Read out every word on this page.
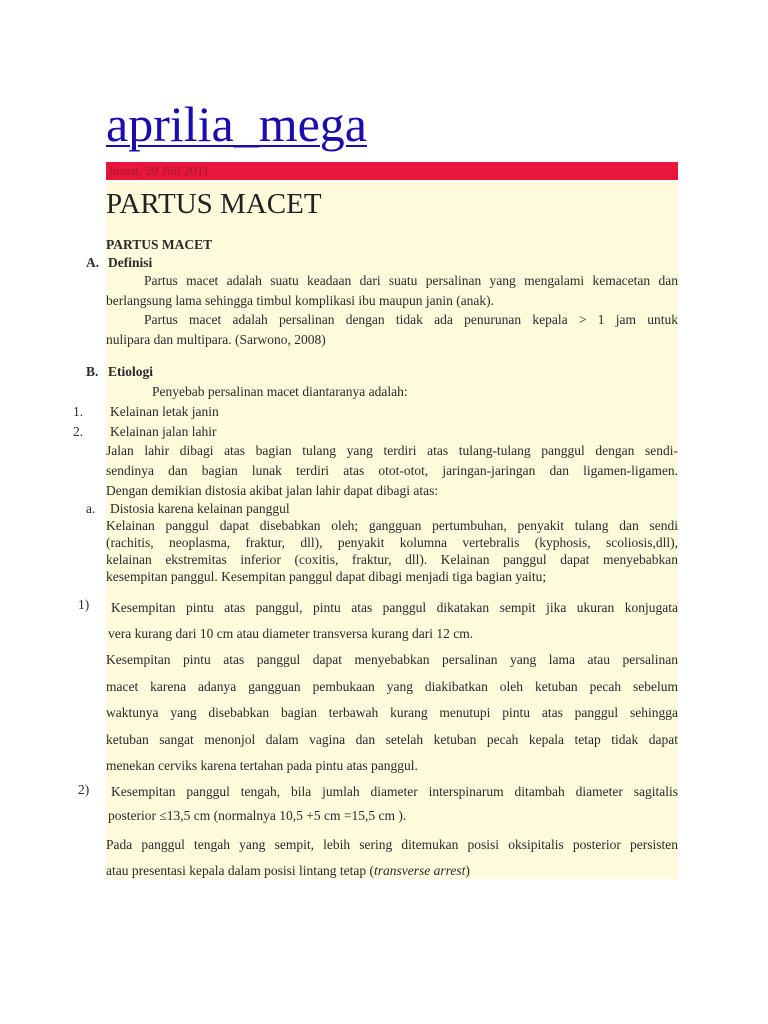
aprilia_mega
Jumat, 29 Juli 2011
PARTUS MACET
PARTUS MACET
A. Definisi
Partus macet adalah suatu keadaan dari suatu persalinan yang mengalami kemacetan dan
berlangsung lama sehingga timbul komplikasi ibu maupun janin (anak).
Partus macet adalah persalinan dengan tidak ada penurunan kepala > 1 jam untuk
nulipara dan multipara. (Sarwono, 2008)
B. Etiologi
Penyebab persalinan macet diantaranya adalah:
1. Kelainan letak janin
2. Kelainan jalan lahir
Jalan lahir dibagi atas bagian tulang yang terdiri atas tulang-tulang panggul dengan sendi-
sendinya dan bagian lunak terdiri atas otot-otot, jaringan-jaringan dan ligamen-ligamen.
Dengan demikian distosia akibat jalan lahir dapat dibagi atas:
a. Distosia karena kelainan panggul
Kelainan panggul dapat disebabkan oleh; gangguan pertumbuhan, penyakit tulang dan sendi
(rachitis, neoplasma, fraktur, dll), penyakit kolumna vertebralis (kyphosis, scoliosis,dll),
kelainan ekstremitas inferior (coxitis, fraktur, dll). Kelainan panggul dapat menyebabkan
kesempitan panggul. Kesempitan panggul dapat dibagi menjadi tiga bagian yaitu;
1) Kesempitan pintu atas panggul, pintu atas panggul dikatakan sempit jika ukuran konjugata
vera kurang dari 10 cm atau diameter transversa kurang dari 12 cm.
Kesempitan pintu atas panggul dapat menyebabkan persalinan yang lama atau persalinan
macet karena adanya gangguan pembukaan yang diakibatkan oleh ketuban pecah sebelum
waktunya yang disebabkan bagian terbawah kurang menutupi pintu atas panggul sehingga
ketuban sangat menonjol dalam vagina dan setelah ketuban pecah kepala tetap tidak dapat
menekan cerviks karena tertahan pada pintu atas panggul.
2) Kesempitan panggul tengah, bila jumlah diameter interspinarum ditambah diameter sagitalis
posterior ≤13,5 cm (normalnya 10,5 +5 cm =15,5 cm ).
Pada panggul tengah yang sempit, lebih sering ditemukan posisi oksipitalis posterior persisten
atau presentasi kepala dalam posisi lintang tetap (transverse arrest)
